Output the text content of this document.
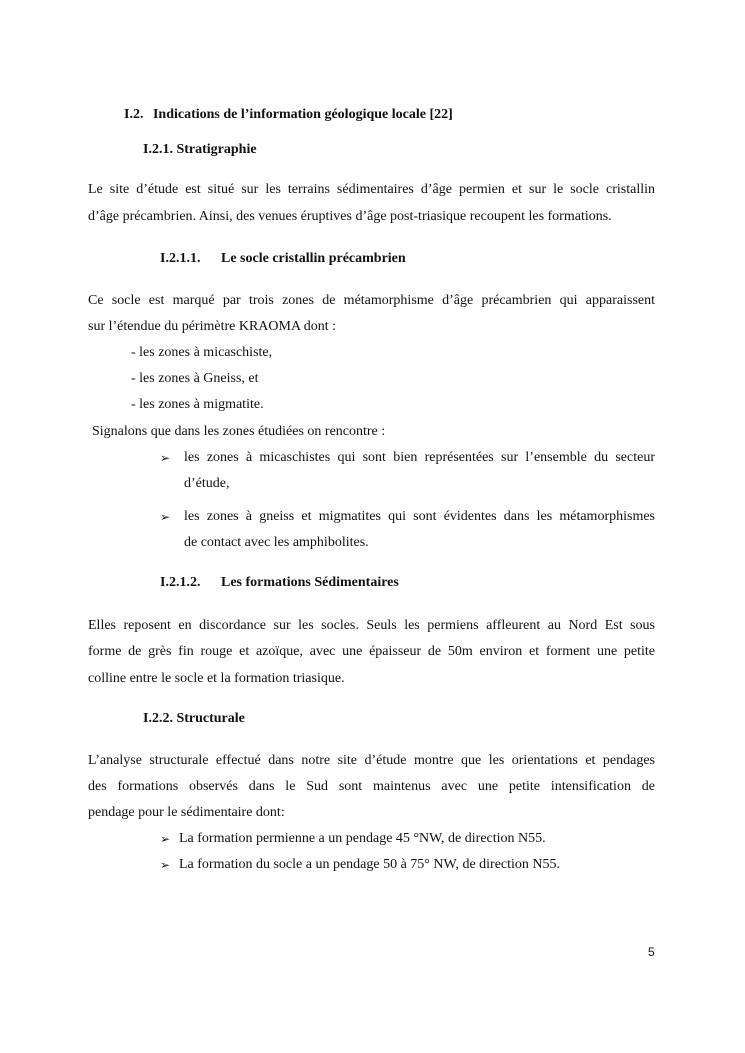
I.2. Indications de l’information géologique locale [22]
I.2.1. Stratigraphie
Le site d’étude est situé sur les terrains sédimentaires d’âge permien et sur le socle cristallin
d’âge précambrien. Ainsi, des venues éruptives d’âge post-triasique recoupent les formations.
I.2.1.1. Le socle cristallin précambrien
Ce socle est marqué par trois zones de métamorphisme d’âge précambrien qui apparaissent
sur l’étendue du périmètre KRAOMA dont :
- les zones à micaschiste,
- les zones à Gneiss, et
- les zones à migmatite.
Signalons que dans les zones étudiées on rencontre :
➢ les zones à micaschistes qui sont bien représentées sur l’ensemble du secteur
d’étude,
➢ les zones à gneiss et migmatites qui sont évidentes dans les métamorphismes
de contact avec les amphibolites.
I.2.1.2. Les formations Sédimentaires
Elles reposent en discordance sur les socles. Seuls les permiens affleurent au Nord Est sous
forme de grès fin rouge et azoïque, avec une épaisseur de 50m environ et forment une petite
colline entre le socle et la formation triasique.
I.2.2. Structurale
L’analyse structurale effectué dans notre site d’étude montre que les orientations et pendages
des formations observés dans le Sud sont maintenus avec une petite intensification de
pendage pour le sédimentaire dont:
➢ La formation permienne a un pendage 45 °NW, de direction N55.
➢ La formation du socle a un pendage 50 à 75° NW, de direction N55.
5
